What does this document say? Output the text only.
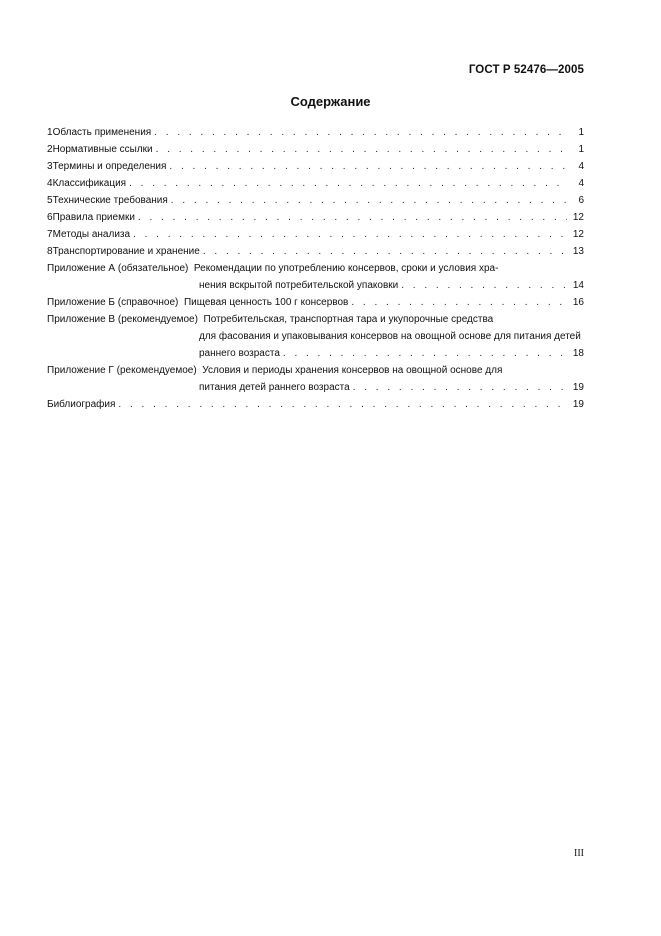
ГОСТ Р 52476—2005
Содержание
1 Область применения . . .	1
2 Нормативные ссылки . . .	1
3 Термины и определения . . .	4
4 Классификация . . .	4
5 Технические требования . . .	6
6 Правила приемки . . .	12
7 Методы анализа . . .	12
8 Транспортирование и хранение . . .	13
Приложение А (обязательное)
Рекомендации по употреблению консервов, сроки и условия хра-
нения вскрытой потребительской упаковки . . .	14
Приложение Б (справочное)
Пищевая ценность 100 г консервов . . .	16
Приложение В (рекомендуемое)
Потребительская, транспортная тара и укупорочные средства
для фасования и упаковывания консервов на овощной основе для питания детей
раннего возраста . . .	18
Приложение Г (рекомендуемое)
Условия и периоды хранения консервов на овощной основе для
питания детей раннего возраста . . .	19
Библиография . . .	19
III
